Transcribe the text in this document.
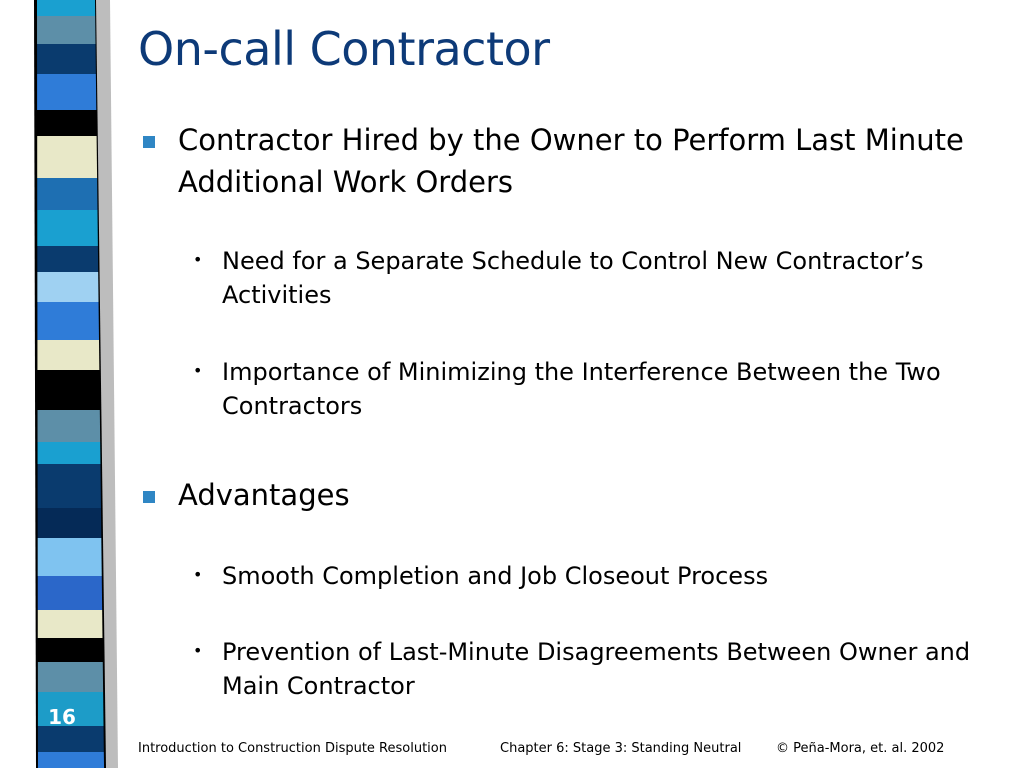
16
On-call Contractor
Contractor Hired by the Owner to Perform Last Minute Additional Work Orders
• Need for a Separate Schedule to Control New Contractor’s Activities
• Importance of Minimizing the Interference Between the Two Contractors
Advantages
• Smooth Completion and Job Closeout Process
• Prevention of Last-Minute Disagreements Between Owner and Main Contractor
Introduction to Construction Dispute Resolution	Chapter 6: Stage 3: Standing Neutral	© Peña-Mora, et. al. 2002
